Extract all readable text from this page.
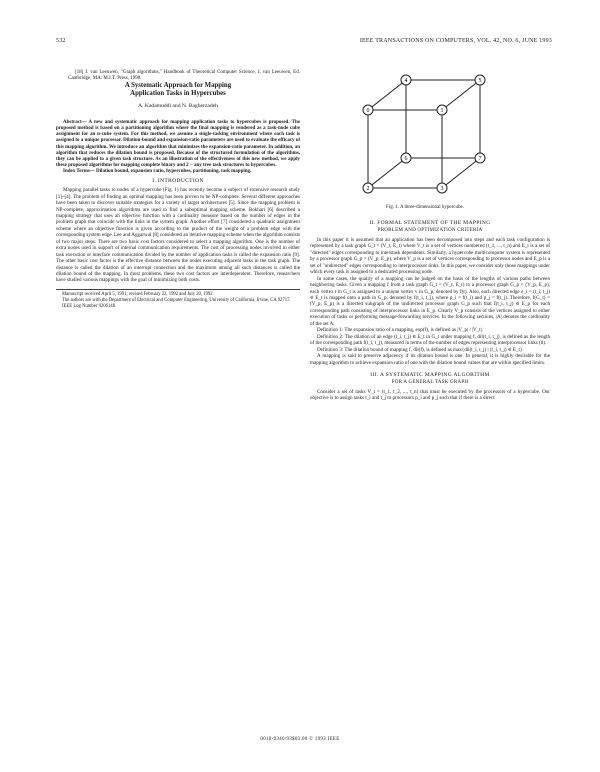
532	IEEE TRANSACTIONS ON COMPUTERS, VOL. 42, NO. 6, JUNE 1993

[18] J. van Leeuwen, "Graph algorithms," Handbook of Theoretical Computer Science, J. van Leeuwen, Ed. Cambridge, MA: M.I.T. Press, 1990.

A Systematic Approach for Mapping
Application Tasks in Hypercubes
A. Kadamuddi and N. Bagherzadeh

Abstract— A new and systematic approach for mapping application tasks to hypercubes is proposed. The proposed method is based on a partitioning algorithm where the final mapping is rendered as a task-node cube assignment for an n-cube system. For this method, we assume a single-tasking environment where each task is assigned to a unique processor. Dilation-bound and expansion-ratio parameters are used to evaluate the efficacy of this mapping algorithm. We introduce an algorithm that minimizes the expansion-ratio parameter. In addition, an algorithm that reduces the dilation bound is proposed. Because of the structured formulation of the algorithms, they can be applied to a given task structure. As an illustration of the effectiveness of this new method, we apply these proposed algorithms for mapping complete binary and 2 − any tree task structures to hypercubes.

Index Terms— Dilation bound, expansion ratio, hypercubes, partitioning, task mapping.

I. INTRODUCTION

Mapping parallel tasks to nodes of a hypercube (Fig. 1) has recently become a subject of extensive research study [1]–[4]. The problem of finding an optimal mapping has been proven to be NP-complete. Several different approaches have been taken to discover suitable strategies for a variety of target architectures [5]. Since the mapping problem is NP-complete, approximation algorithms are used to find a suboptimal mapping scheme. Bokhari [6] described a mapping strategy that uses an objective function with a cardinality measure based on the number of edges in the problem graph that coincide with the links in the system graph. Another effort [7] considered a quadratic assignment scheme where an objective function is given according to the product of the weight of a problem edge with the corresponding system edge. Lee and Aggarwal [8] considered an iterative mapping scheme when the algorithm consists of two major steps. There are two basic cost factors considered to select a mapping algorithm. One is the number of extra nodes used in support of internal communication requirements. The cost of processing nodes involved in either task execution or interface communication divided by the number of application tasks is called the expansion ratio [9]. The other basic cost factor is the effective distance between the nodes executing adjacent tasks in the task graph. The distance is called the dilation of an interrupt connection and the maximum among all such distances is called the dilation bound of the mapping. In most problems, these two cost factors are interdependent. Therefore, researchers have studied various mappings with the goal of minimizing both costs.

Manuscript received April 5, 1991; revised February 22, 1992 and July 20, 1992.

The authors are with the Department of Electrical and Computer Engineering, University of California, Irvine, CA 92717.

IEEE Log Number 9206148.

0	1
2	3
4	5
6	7
Fig. 1. A three-dimensional hypercube.
II. FORMAL STATEMENT OF THE MAPPING
PROBLEM AND OPTIMIZATION CRITERIA

In this paper it is assumed that an application has been decomposed into steps and each task configuration is represented by a task graph G_t = (V_t, E_t) where V_t is a set of vertices numbered (t_1, ..., t_n) and E_t is a set of "directed" edges corresponding to interstask dependents. Similarly, a hypercube multicomputer system is represented by a processor graph G_p = (V_p, E_p), where V_p is a set of vertices corresponding to processor nodes and E_p is a set of "undirected" edges corresponding to interprocessor links. In this paper, we consider only those mappings under which every task is assigned to a dedicated processing node.

In some cases, the quality of a mapping can be judged on the basis of the lengths of various paths between neighboring tasks. Given a mapping f from a task graph G_t = (V_t, E_t) to a processor graph G_p = (V_p, E_p), each vertex t in G_t is assigned to a unique vertex v in G_p, denoted by f(t). Also, each directed edge e_i = (t_i, t_j) ∈ E_t is mapped onto a path in G_p, denoted by f(t_i, t_j), where p_i = f(t_i) and p_j = f(t_j). Therefore, f(G_t) = (V_p, E_p) is a directed subgraph of the undirected processor graph G_p such that f(t_i, t_j) ∈ E_p for each corresponding path consisting of interprocessor links in E_p. Clearly V_p consists of the vertices assigned to either execution of tasks or performing message-forwarding services. In the following sections, |A| denotes the cardinality of the set A.

Definition 1: The expansion ratio of a mapping, exp(f), is defined as |V_p| / |V_t|.

Definition 2: The dilation of an edge (t_i, t_j) ∈ E_t in G_t under mapping f, dil(t_i, t_j), is defined as the length of the corresponding path f(t_i, t_j), measured in terms of the number of edges representing interprocessor links (d).

Definition 3: The dilation bound of mapping f, dil(f), is defined as max{dil(t_i, t_j) | (t_i, t_j) ∈ E_t}.

A mapping is said to preserve adjacency if its dilation bound is one. In general, it is highly desirable for the mapping algorithm to achieve expansion ratio of one with the dilation bound values that are within specified limits.

III. A SYSTEMATIC MAPPING ALGORITHM
FOR A GENERAL TASK GRAPH

Consider a set of tasks V_t = (t_1, t_2, ..., t_n) that must be executed by the processors of a hypercube. Our objective is to assign tasks t_i and t_j to processors p_i and p_j such that if there is a direct

0018-9340/93$03.00 © 1993 IEEE
